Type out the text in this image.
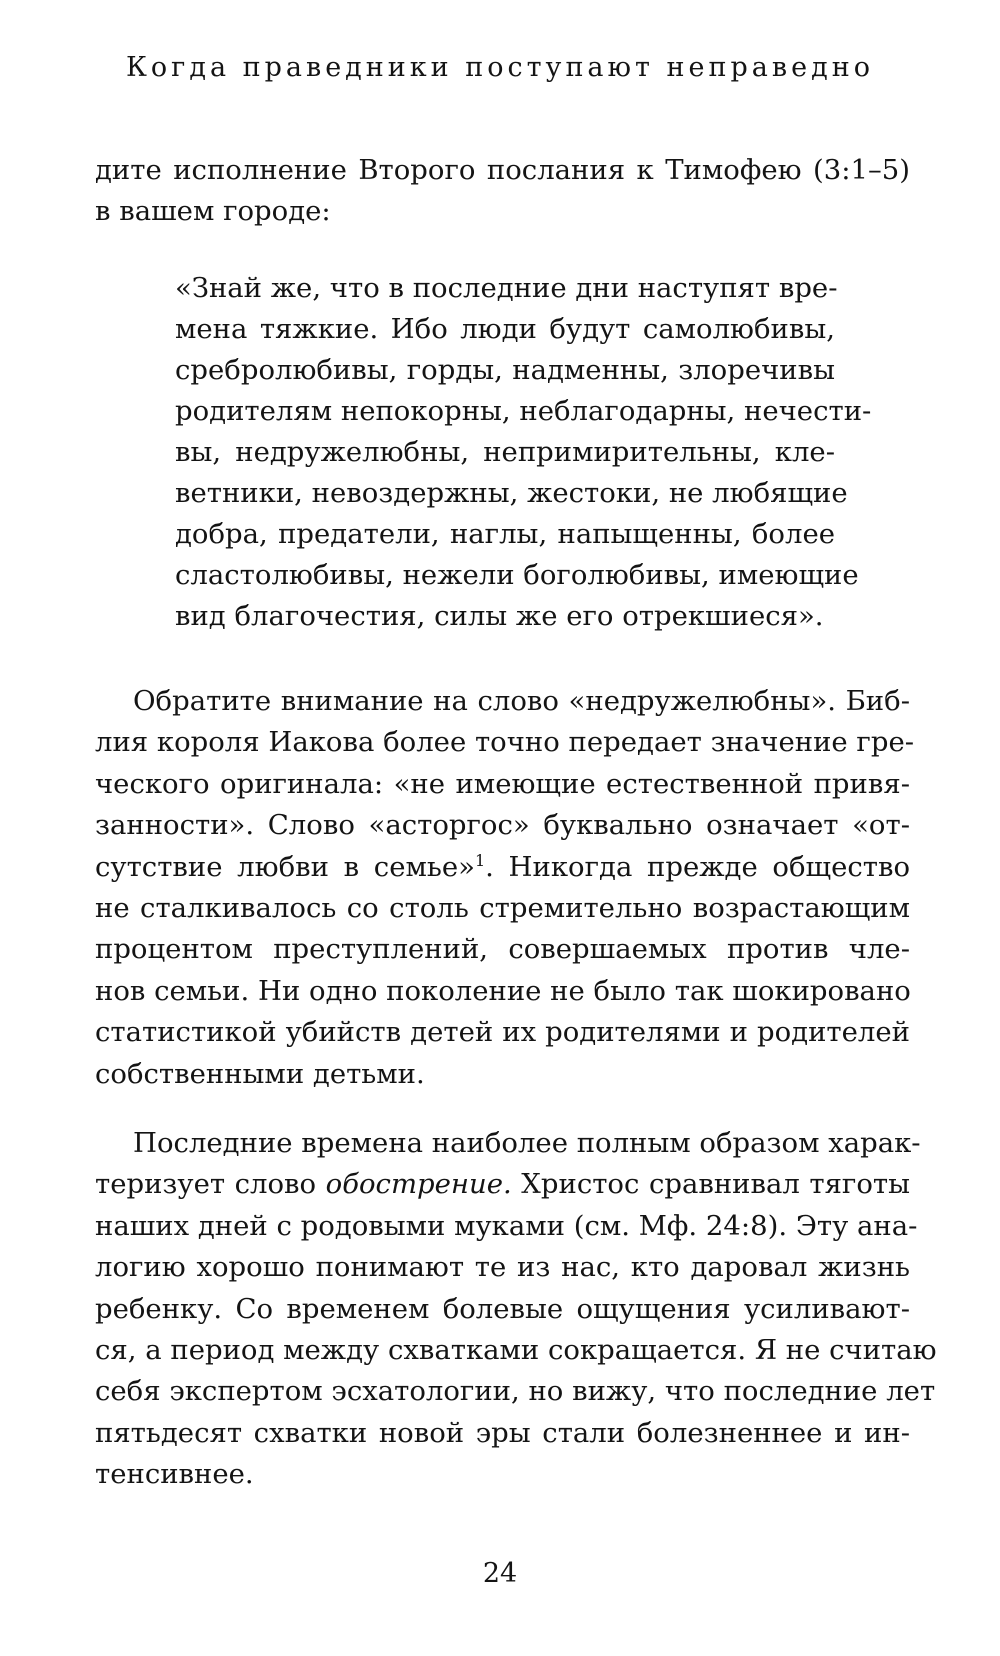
Когда праведники поступают неправедно
дите исполнение Второго послания к Тимофею (3:1–5)
в вашем городе:
«Знай же, что в последние дни наступят вре-
мена тяжкие. Ибо люди будут самолюбивы,
сребролюбивы, горды, надменны, злоречивы
родителям непокорны, неблагодарны, нечести-
вы, недружелюбны, непримирительны, кле-
ветники, невоздержны, жестоки, не любящие
добра, предатели, наглы, напыщенны, более
сластолюбивы, нежели боголюбивы, имеющие
вид благочестия, силы же его отрекшиеся».
Обратите внимание на слово «недружелюбны». Биб-
лия короля Иакова более точно передает значение гре-
ческого оригинала: «не имеющие естественной привя-
занности». Слово «асторгос» буквально означает «от-
сутствие любви в семье»$^1$. Никогда прежде общество
не сталкивалось со столь стремительно возрастающим
процентом преступлений, совершаемых против чле-
нов семьи. Ни одно поколение не было так шокировано
статистикой убийств детей их родителями и родителей
собственными детьми.
Последние времена наиболее полным образом харак-
теризует слово обострение. Христос сравнивал тяготы
наших дней с родовыми муками (см. Мф. 24:8). Эту ана-
логию хорошо понимают те из нас, кто даровал жизнь
ребенку. Со временем болевые ощущения усиливают-
ся, а период между схватками сокращается. Я не считаю
себя экспертом эсхатологии, но вижу, что последние лет
пятьдесят схватки новой эры стали болезненнее и ин-
тенсивнее.
24
